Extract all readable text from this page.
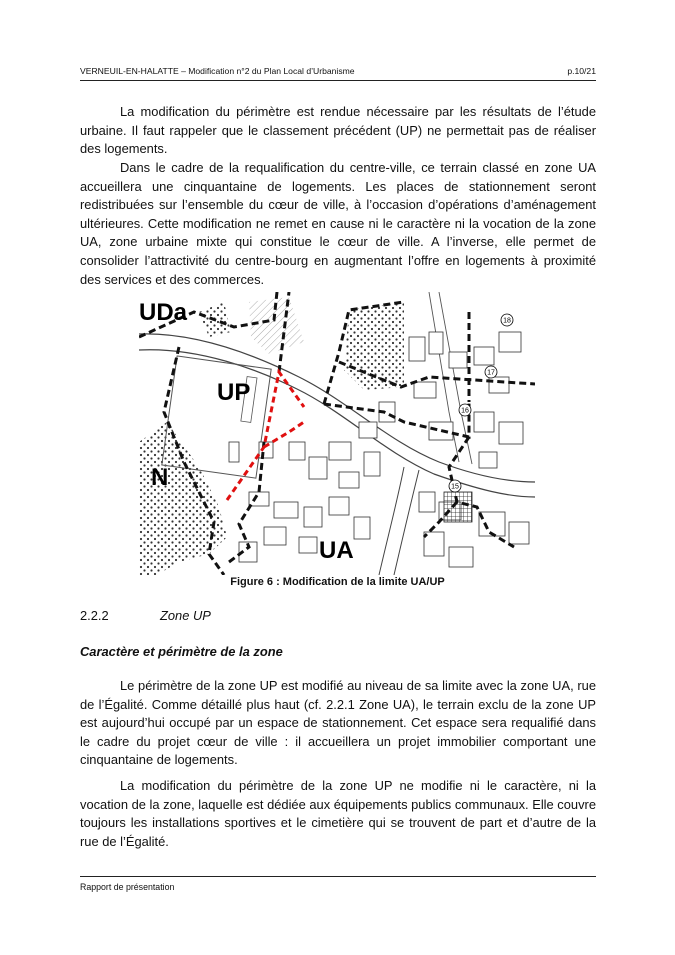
VERNEUIL-EN-HALATTE – Modification n°2 du Plan Local d’Urbanisme	p.10/21

La modification du périmètre est rendue nécessaire par les résultats de l’étude urbaine. Il faut rappeler que le classement précédent (UP) ne permettait pas de réaliser des logements.

Dans le cadre de la requalification du centre-ville, ce terrain classé en zone UA accueillera une cinquantaine de logements. Les places de stationnement seront redistribuées sur l’ensemble du cœur de ville, à l’occasion d’opérations d’aménagement ultérieures. Cette modification ne remet en cause ni le caractère ni la vocation de la zone UA, zone urbaine mixte qui constitue le cœur de ville. A l’inverse, elle permet de consolider l’attractivité du centre-bourg en augmentant l’offre en logements à proximité des services et des commerces.

UDa
UP
N
UA
18
17
16
15
Figure 6 : Modification de la limite UA/UP
2.2.2	Zone UP
Caractère et périmètre de la zone

Le périmètre de la zone UP est modifié au niveau de sa limite avec la zone UA, rue de l’Égalité. Comme détaillé plus haut (cf. 2.2.1 Zone UA), le terrain exclu de la zone UP est aujourd’hui occupé par un espace de stationnement. Cet espace sera requalifié dans le cadre du projet cœur de ville : il accueillera un projet immobilier comportant une cinquantaine de logements.

La modification du périmètre de la zone UP ne modifie ni le caractère, ni la vocation de la zone, laquelle est dédiée aux équipements publics communaux. Elle couvre toujours les installations sportives et le cimetière qui se trouvent de part et d’autre de la rue de l’Égalité.

Rapport de présentation
